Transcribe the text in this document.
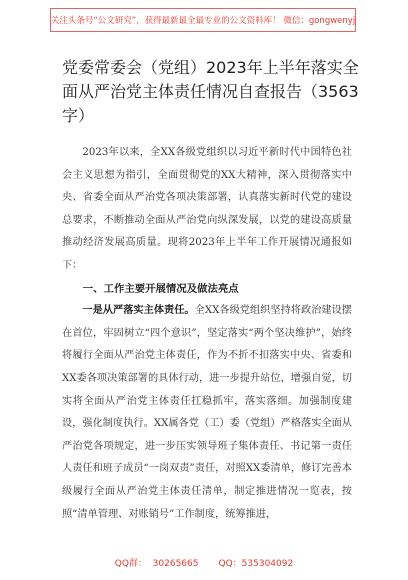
关注头条号“公文研究”，获得最新最全最专业的公文资料库！ 微信：gongwenyj
党委常委会（党组）2023年上半年落实全面从严治党主体责任情况自查报告（3563字）

2023年以来，全XX各级党组织以习近平新时代中国特色社会主义思想为指引，全面贯彻党的XX大精神，深入贯彻落实中央、省委全面从严治党各项决策部署，认真落实新时代党的建设总要求，不断推动全面从严治党向纵深发展，以党的建设高质量推动经济发展高质量。现将2023年上半年工作开展情况通报如下：

一、工作主要开展情况及做法亮点

一是从严落实主体责任。全XX各级党组织坚持将政治建设摆在首位，牢固树立“四个意识”，坚定落实“两个坚决维护”，始终将履行全面从严治党主体责任，作为不折不扣落实中央、省委和XX委各项决策部署的具体行动，进一步提升站位，增强自觉，切实将全面从严治党主体责任扛稳抓牢，落实落细。加强制度建设，强化制度执行。XX属各党（工）委（党组）严格落实全面从严治党各项规定，进一步压实领导班子集体责任、书记第一责任人责任和班子成员“一岗双责”责任，对照XX委清单，修订完善本级履行全面从严治党主体责任清单，制定推进情况一览表，按照“清单管理、对账销号”工作制度，统筹推进，

QQ群：  30265665       QQ：535304092
